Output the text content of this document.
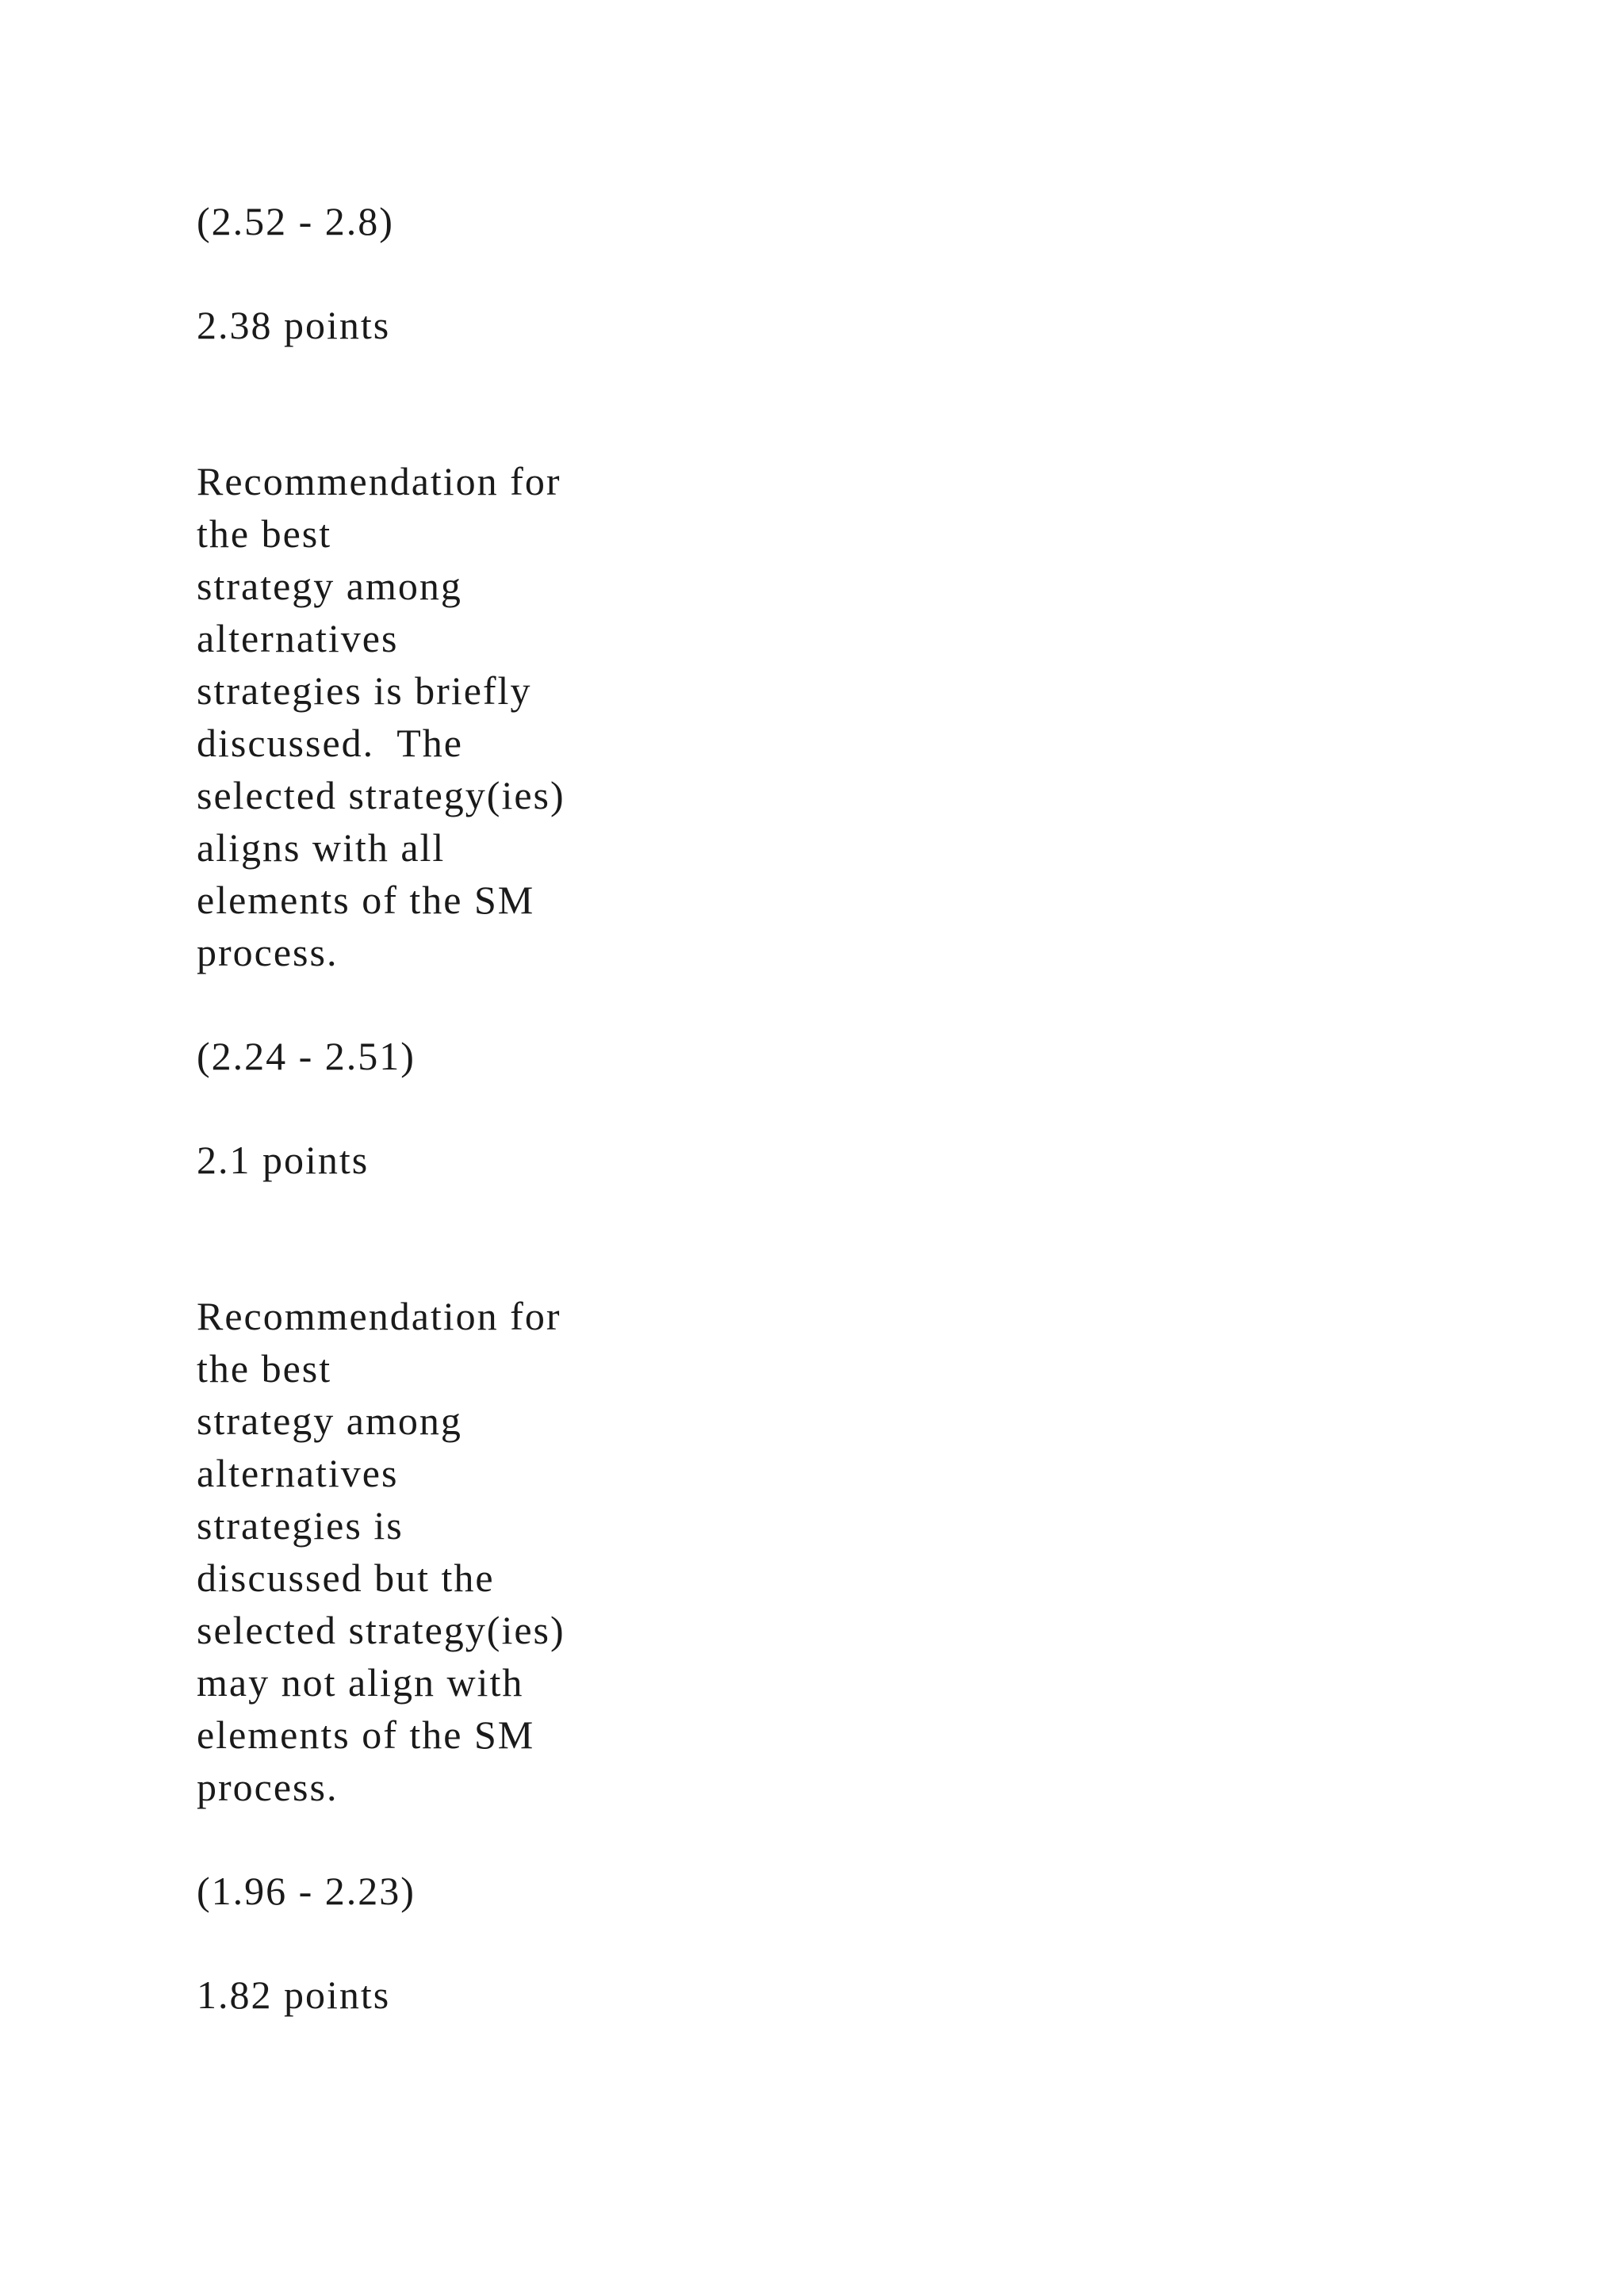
(2.52 - 2.8)
2.38 points
Recommendation for
the best
strategy among
alternatives
strategies is briefly
discussed.  The
selected strategy(ies)
aligns with all
elements of the SM
process.
(2.24 - 2.51)
2.1 points
Recommendation for
the best
strategy among
alternatives
strategies is
discussed but the
selected strategy(ies)
may not align with
elements of the SM
process.
(1.96 - 2.23)
1.82 points
